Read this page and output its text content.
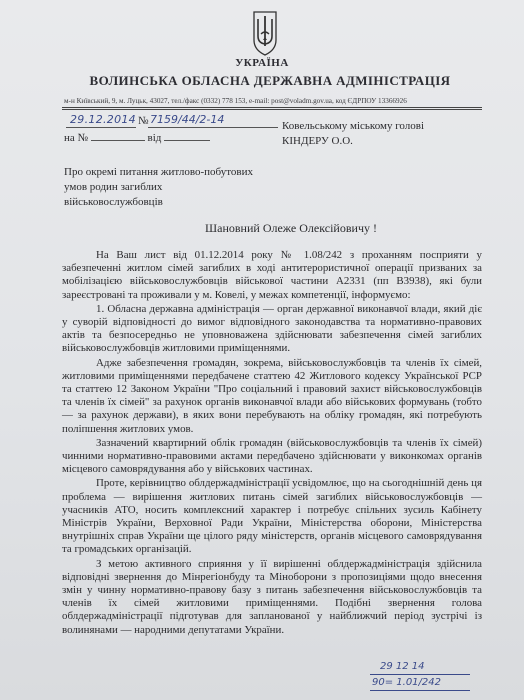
УКРАЇНА
ВОЛИНСЬКА ОБЛАСНА ДЕРЖАВНА АДМІНІСТРАЦІЯ
м-н Київський, 9, м. Луцьк, 43027, тел./факс (0332) 778 153, e-mail: post@voladm.gov.ua, код ЄДРПОУ 13366926
29.12.2014 № 7159/44/2-14
на №	від
Ковельському міському голові
КІНДЕРУ О.О.
Про окремі питання житлово-побутових умов родин загиблих військовослужбовців
Шановний Олеже Олексійовичу !

На Ваш лист від 01.12.2014 року № 1.08/242 з проханням посприяти у забезпеченні житлом сімей загиблих в ході антитерористичної операції призваних за мобілізацією військовослужбовців військової частини А2331 (пп В3938), які були зареєстровані та проживали у м. Ковелі, у межах компетенції, інформуємо:

1. Обласна державна адміністрація — орган державної виконавчої влади, який діє у суворій відповідності до вимог відповідного законодавства та нормативно-правових актів та безпосередньо не уповноважена здійснювати забезпечення сімей загиблих військовослужбовців житловими приміщеннями.

Адже забезпечення громадян, зокрема, військовослужбовців та членів їх сімей, житловими приміщеннями передбачене статтею 42 Житлового кодексу Української РСР та статтею 12 Законом України "Про соціальний і правовий захист військовослужбовців та членів їх сімей" за рахунок органів виконавчої влади або військових формувань (тобто — за рахунок держави), в яких вони перебувають на обліку громадян, які потребують поліпшення житлових умов.

Зазначений квартирний облік громадян (військовослужбовців та членів їх сімей) чинними нормативно-правовими актами передбачено здійснювати у виконкомах органів місцевого самоврядування або у військових частинах.

Проте, керівництво облдержадміністрації усвідомлює, що на сьогоднішній день ця проблема — вирішення житлових питань сімей загиблих військовослужбовців — учасників АТО, носить комплексний характер і потребує спільних зусиль Кабінету Міністрів України, Верховної Ради України, Міністерства оборони, Міністерства внутрішніх справ України ще цілого ряду міністерств, органів місцевого самоврядування та громадських організацій.

З метою активного сприяння у її вирішенні облдержадміністрація здійснила відповідні звернення до Мінрегіонбуду та Міноборони з пропозиціями щодо внесення змін у чинну нормативно-правову базу з питань забезпечення військовослужбовців та членів їх сімей житловими приміщеннями. Подібні звернення голова облдержадміністрації підготував для запланованої у найближчий період зустрічі із волинянами — народними депутатами України.

29 12 14
90= 1.01/242
